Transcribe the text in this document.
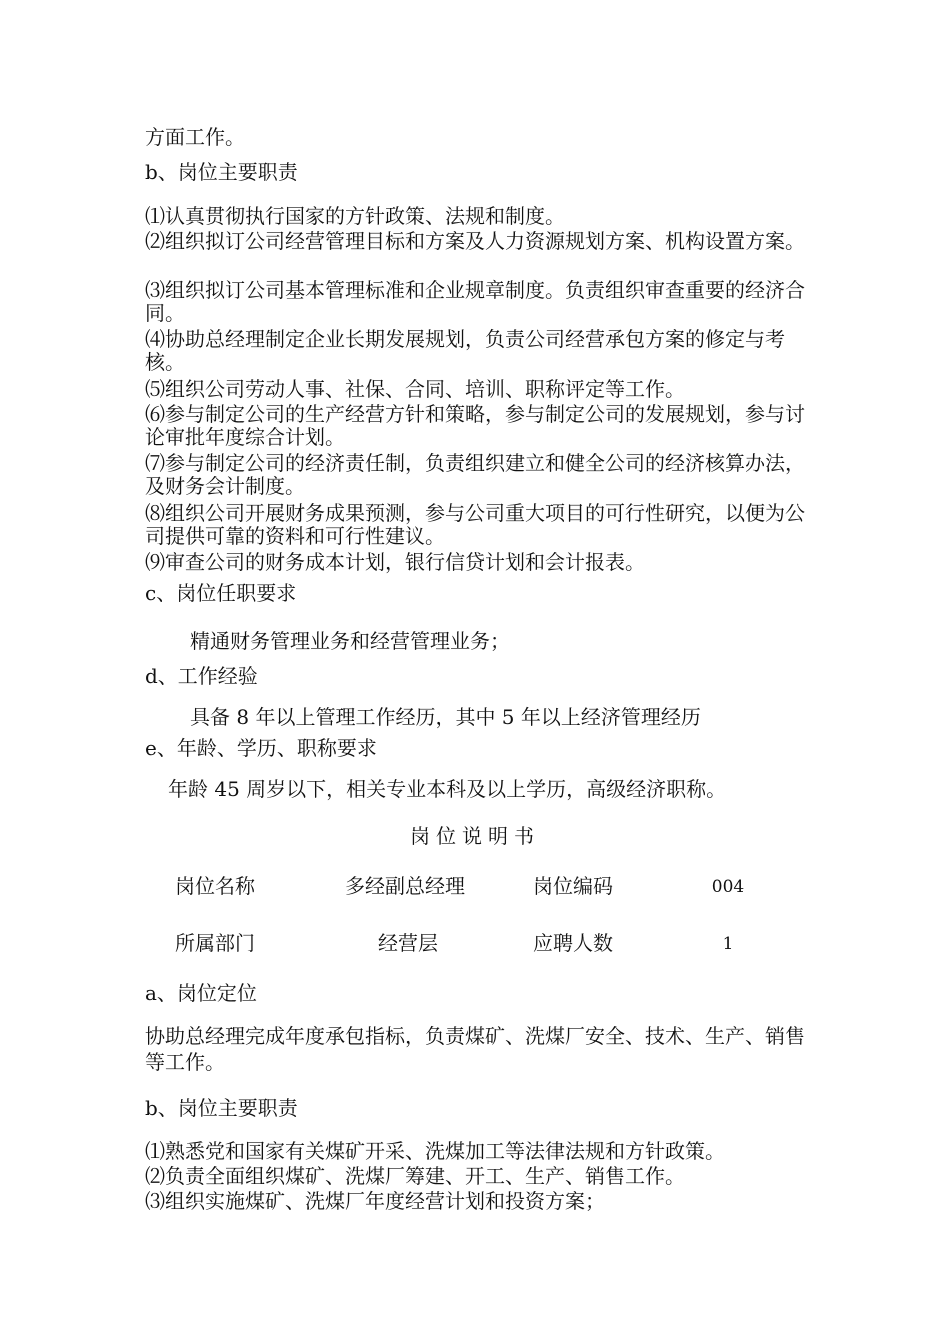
方面工作。
b、岗位主要职责
⑴认真贯彻执行国家的方针政策、法规和制度。
⑵组织拟订公司经营管理目标和方案及人力资源规划方案、机构设置方案。
⑶组织拟订公司基本管理标准和企业规章制度。负责组织审查重要的经济合同。
⑷协助总经理制定企业长期发展规划，负责公司经营承包方案的修定与考核。
⑸组织公司劳动人事、社保、合同、培训、职称评定等工作。
⑹参与制定公司的生产经营方针和策略，参与制定公司的发展规划，参与讨论审批年度综合计划。
⑺参与制定公司的经济责任制，负责组织建立和健全公司的经济核算办法，及财务会计制度。
⑻组织公司开展财务成果预测，参与公司重大项目的可行性研究，以便为公司提供可靠的资料和可行性建议。
⑼审查公司的财务成本计划，银行信贷计划和会计报表。
c、岗位任职要求
精通财务管理业务和经营管理业务；
d、工作经验
具备 8 年以上管理工作经历，其中 5 年以上经济管理经历
e、年龄、学历、职称要求
年龄 45 周岁以下，相关专业本科及以上学历，高级经济职称。
岗位说明书
岗位名称	多经副总经理	岗位编码	004
所属部门	经营层	应聘人数	1
a、岗位定位
协助总经理完成年度承包指标，负责煤矿、洗煤厂安全、技术、生产、销售等工作。
b、岗位主要职责
⑴熟悉党和国家有关煤矿开采、洗煤加工等法律法规和方针政策。
⑵负责全面组织煤矿、洗煤厂筹建、开工、生产、销售工作。
⑶组织实施煤矿、洗煤厂年度经营计划和投资方案；
